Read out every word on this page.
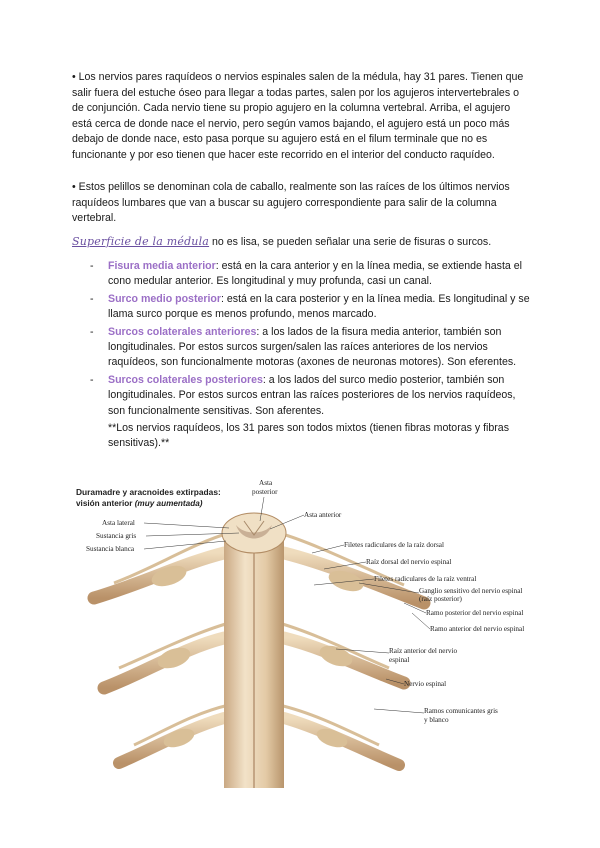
• Los nervios pares raquídeos o nervios espinales salen de la médula, hay 31 pares. Tienen que salir fuera del estuche óseo para llegar a todas partes, salen por los agujeros intervertebrales o de conjunción. Cada nervio tiene su propio agujero en la columna vertebral. Arriba, el agujero está cerca de donde nace el nervio, pero según vamos bajando, el agujero está un poco más debajo de donde nace, esto pasa porque su agujero está en el filum terminale que no es funcionante y por eso tienen que hacer este recorrido en el interior del conducto raquídeo.

• Estos pelillos se denominan cola de caballo, realmente son las raíces de los últimos nervios raquídeos lumbares que van a buscar su agujero correspondiente para salir de la columna vertebral.

Superficie de la médula no es lisa, se pueden señalar una serie de fisuras o surcos.
- Fisura media anterior: está en la cara anterior y en la línea media, se extiende hasta el cono medular anterior. Es longitudinal y muy profunda, casi un canal.
- Surco medio posterior: está en la cara posterior y en la línea media. Es longitudinal y se llama surco porque es menos profundo, menos marcado.
- Surcos colaterales anteriores: a los lados de la fisura media anterior, también son longitudinales. Por estos surcos surgen/salen las raíces anteriores de los nervios raquídeos, son funcionalmente motoras (axones de neuronas motores). Son eferentes.
- Surcos colaterales posteriores: a los lados del surco medio posterior, también son longitudinales. Por estos surcos entran las raíces posteriores de los nervios raquídeos, son funcionalmente sensitivas. Son aferentes.
**Los nervios raquídeos, los 31 pares son todos mixtos (tienen fibras motoras y fibras sensitivas).**
Duramadre y aracnoides extirpadas:
visión anterior (muy aumentada)
Asta lateral
Sustancia gris
Sustancia blanca
Asta
posterior
Asta anterior
Filetes radiculares de la raíz dorsal
Raíz dorsal del nervio espinal
Filetes radiculares de la raíz ventral
Ganglio sensitivo del nervio espinal
(raíz posterior)
Ramo posterior del nervio espinal
Ramo anterior del nervio espinal
Raíz anterior del nervio
espinal
Nervio espinal
Ramos comunicantes gris
y blanco
